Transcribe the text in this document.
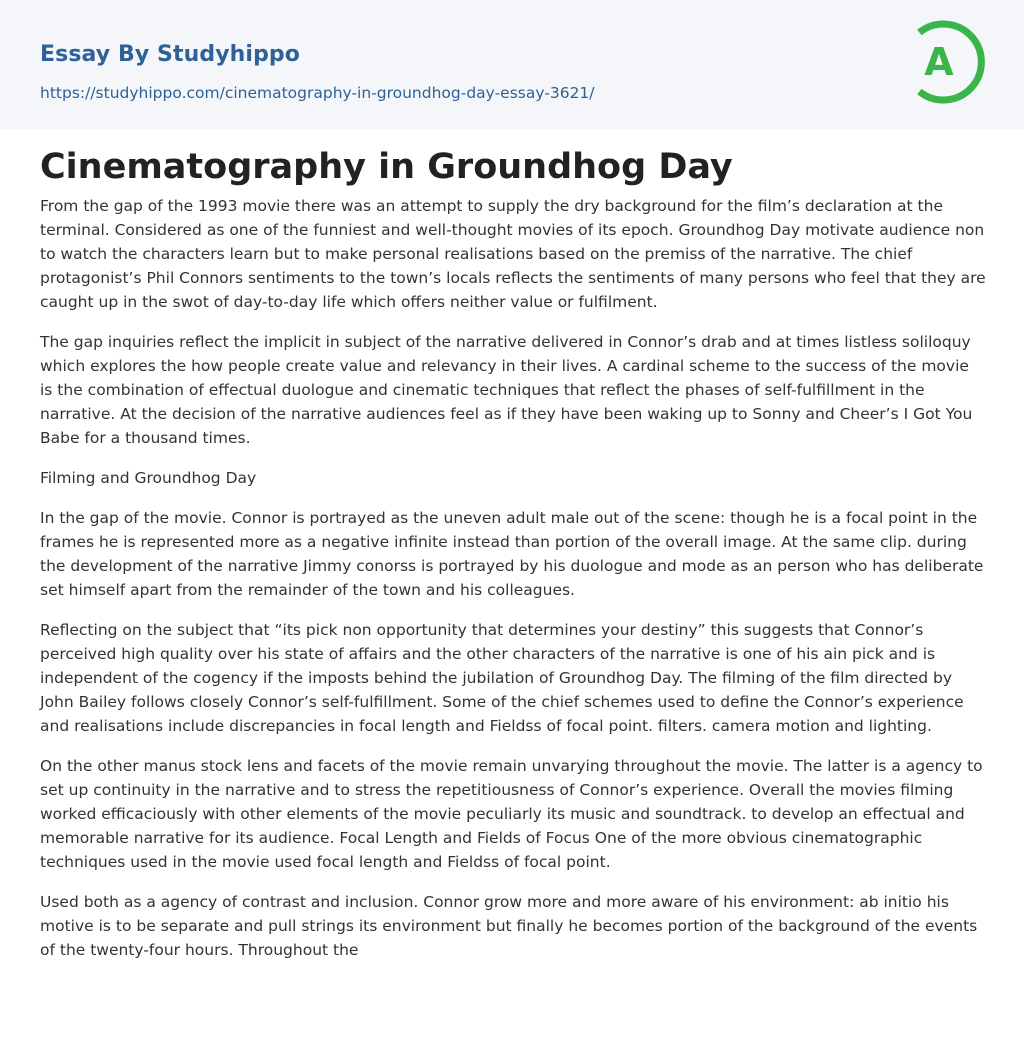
Essay By Studyhippo
https://studyhippo.com/cinematography-in-groundhog-day-essay-3621/
A
Cinematography in Groundhog Day

From the gap of the 1993 movie there was an attempt to supply the dry background for the film’s declaration at the terminal. Considered as one of the funniest and well-thought movies of its epoch. Groundhog Day motivate audience non to watch the characters learn but to make personal realisations based on the premiss of the narrative. The chief protagonist’s Phil Connors sentiments to the town’s locals reflects the sentiments of many persons who feel that they are caught up in the swot of day-to-day life which offers neither value or fulfilment.

The gap inquiries reflect the implicit in subject of the narrative delivered in Connor’s drab and at times listless soliloquy which explores the how people create value and relevancy in their lives. A cardinal scheme to the success of the movie is the combination of effectual duologue and cinematic techniques that reflect the phases of self-fulfillment in the narrative. At the decision of the narrative audiences feel as if they have been waking up to Sonny and Cheer’s I Got You Babe for a thousand times.

Filming and Groundhog Day

In the gap of the movie. Connor is portrayed as the uneven adult male out of the scene: though he is a focal point in the frames he is represented more as a negative infinite instead than portion of the overall image. At the same clip. during the development of the narrative Jimmy conorss is portrayed by his duologue and mode as an person who has deliberate set himself apart from the remainder of the town and his colleagues.

Reflecting on the subject that “its pick non opportunity that determines your destiny” this suggests that Connor’s perceived high quality over his state of affairs and the other characters of the narrative is one of his ain pick and is independent of the cogency if the imposts behind the jubilation of Groundhog Day. The filming of the film directed by John Bailey follows closely Connor’s self-fulfillment. Some of the chief schemes used to define the Connor’s experience and realisations include discrepancies in focal length and Fieldss of focal point. filters. camera motion and lighting.

On the other manus stock lens and facets of the movie remain unvarying throughout the movie. The latter is a agency to set up continuity in the narrative and to stress the repetitiousness of Connor’s experience. Overall the movies filming worked efficaciously with other elements of the movie peculiarly its music and soundtrack. to develop an effectual and memorable narrative for its audience. Focal Length and Fields of Focus One of the more obvious cinematographic techniques used in the movie used focal length and Fieldss of focal point.

Used both as a agency of contrast and inclusion. Connor grow more and more aware of his environment: ab initio his motive is to be separate and pull strings its environment but finally he becomes portion of the background of the events of the twenty-four hours. Throughout the
